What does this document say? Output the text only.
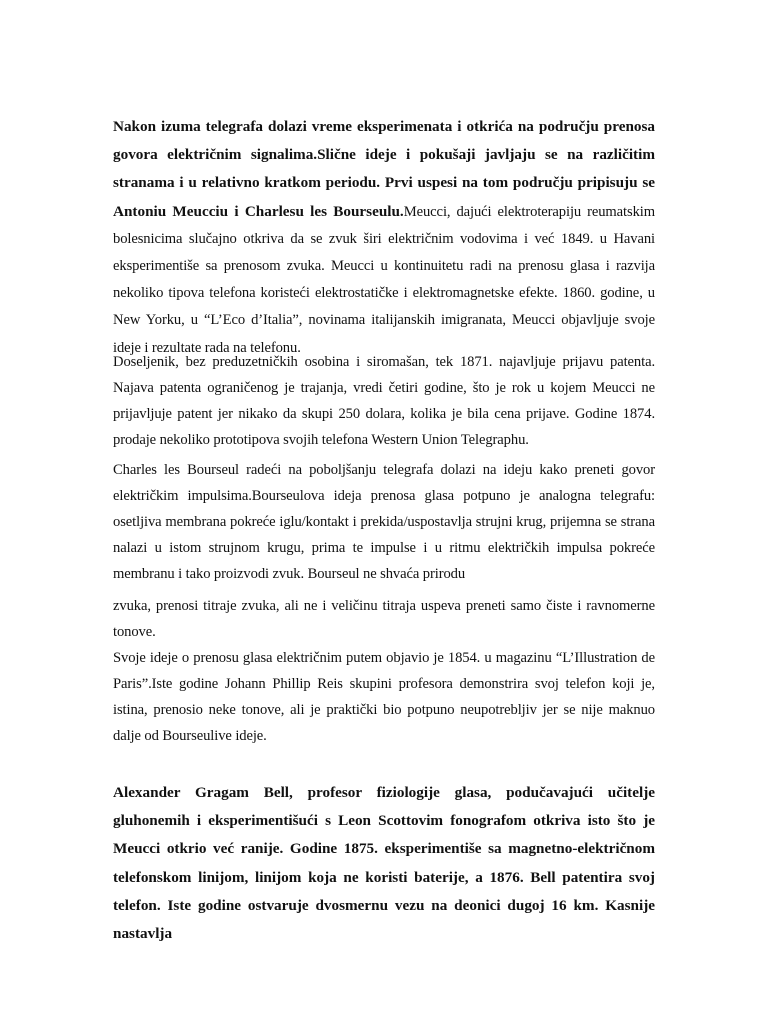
Nakon izuma telegrafa dolazi vreme eksperimenata i otkrića na području prenosa govora električnim signalima.Slične ideje i pokušaji javljaju se na različitim stranama i u relativno kratkom periodu. Prvi uspesi na tom području pripisuju se Antoniu Meucciu i Charlesu les Bourseulu.Meucci, dajući elektroterapiju reumatskim bolesnicima slučajno otkriva da se zvuk širi električnim vodovima i već 1849. u Havani eksperimentiše sa prenosom zvuka. Meucci u kontinuitetu radi na prenosu glasa i razvija nekoliko tipova telefona koristeći elektrostatičke i elektromagnetske efekte. 1860. godine, u New Yorku, u “L’Eco d’Italia”, novinama italijanskih imigranata, Meucci objavljuje svoje ideje i rezultate rada na telefonu.

Doseljenik, bez preduzetničkih osobina i siromašan, tek 1871. najavljuje prijavu patenta. Najava patenta ograničenog je trajanja, vredi četiri godine, što je rok u kojem Meucci ne prijavljuje patent jer nikako da skupi 250 dolara, kolika je bila cena prijave. Godine 1874. prodaje nekoliko prototipova svojih telefona Western Union Telegraphu.

Charles les Bourseul radeći na poboljšanju telegrafa dolazi na ideju kako preneti govor električkim impulsima.Bourseulova ideja prenosa glasa potpuno je analogna telegrafu: osetljiva membrana pokreće iglu/kontakt i prekida/uspostavlja strujni krug, prijemna se strana nalazi u istom strujnom krugu, prima te impulse i u ritmu električkih impulsa pokreće membranu i tako proizvodi zvuk. Bourseul ne shvaća prirodu

zvuka, prenosi titraje zvuka, ali ne i veličinu titraja uspeva preneti samo čiste i ravnomerne tonove.

Svoje ideje o prenosu glasa električnim putem objavio je 1854. u magazinu “L’Illustration de Paris”.Iste godine Johann Phillip Reis skupini profesora demonstrira svoj telefon koji je, istina, prenosio neke tonove, ali je praktički bio potpuno neupotrebljiv jer se nije maknuo dalje od Bourseulive ideje.

Alexander Gragam Bell, profesor fiziologije glasa, podučavajući učitelje gluhonemih i eksperimentišući s Leon Scottovim fonografom otkriva isto što je Meucci otkrio već ranije. Godine 1875. eksperimentiše sa magnetno-električnom telefonskom linijom, linijom koja ne koristi baterije, a 1876. Bell patentira svoj telefon. Iste godine ostvaruje dvosmernu vezu na deonici dugoj 16 km. Kasnije nastavlja
